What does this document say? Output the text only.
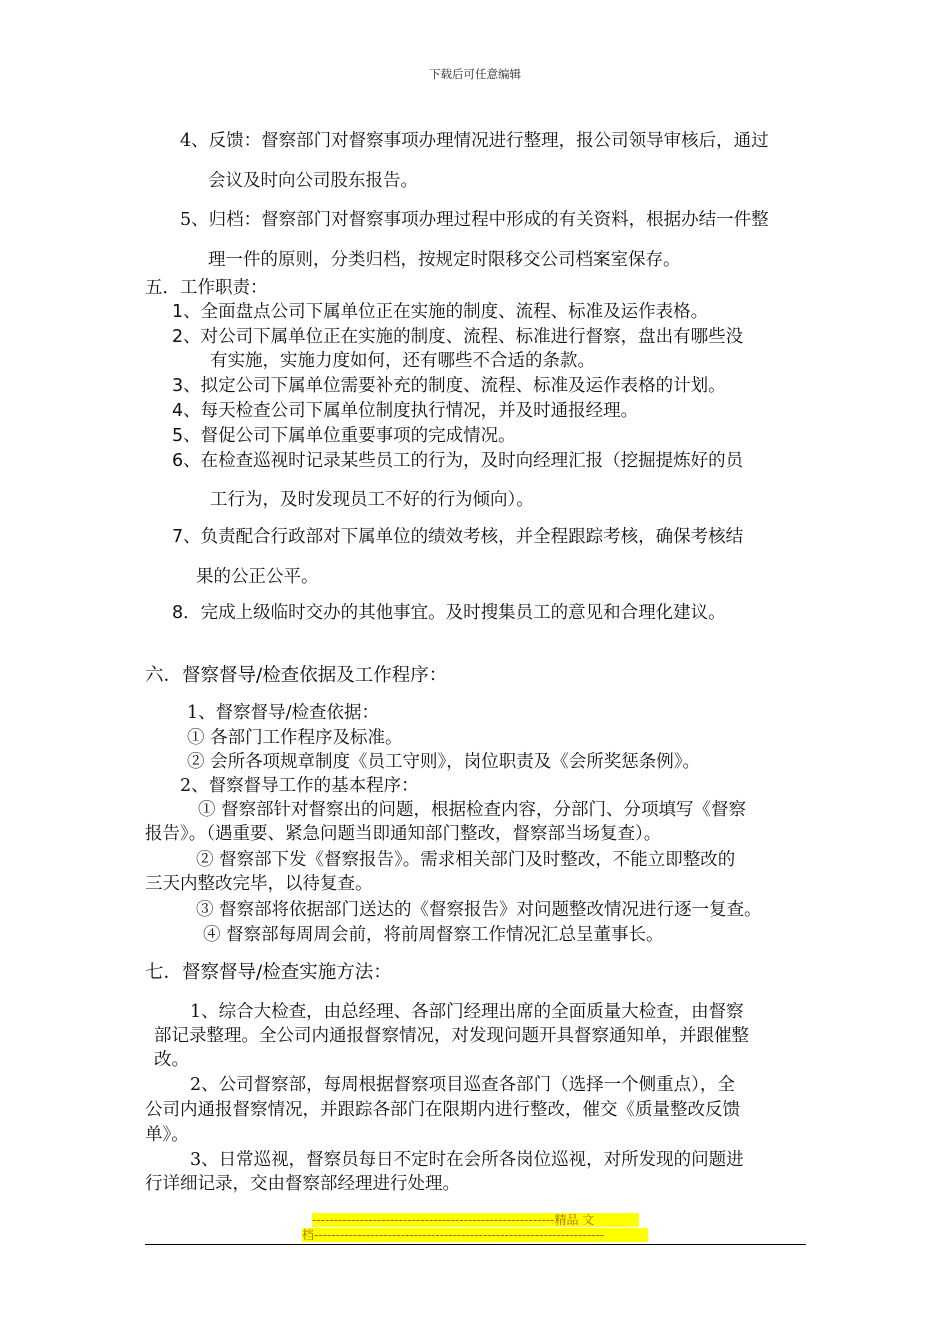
下载后可任意编辑
4、反馈：督察部门对督察事项办理情况进行整理，报公司领导审核后，通过
会议及时向公司股东报告。
5、归档：督察部门对督察事项办理过程中形成的有关资料，根据办结一件整
理一件的原则，分类归档，按规定时限移交公司档案室保存。
五．工作职责：
1、全面盘点公司下属单位正在实施的制度、流程、标准及运作表格。
2、对公司下属单位正在实施的制度、流程、标准进行督察，盘出有哪些没
有实施，实施力度如何，还有哪些不合适的条款。
3、拟定公司下属单位需要补充的制度、流程、标准及运作表格的计划。
4、每天检查公司下属单位制度执行情况，并及时通报经理。
5、督促公司下属单位重要事项的完成情况。
6、在检查巡视时记录某些员工的行为，及时向经理汇报（挖掘提炼好的员
工行为，及时发现员工不好的行为倾向）。
7、负责配合行政部对下属单位的绩效考核，并全程跟踪考核，确保考核结
果的公正公平。
8．完成上级临时交办的其他事宜。及时搜集员工的意见和合理化建议。
六．督察督导/检查依据及工作程序：
1、督察督导/检查依据：
① 各部门工作程序及标准。
② 会所各项规章制度《员工守则》，岗位职责及《会所奖惩条例》。
2、督察督导工作的基本程序：
① 督察部针对督察出的问题，根据检查内容，分部门、分项填写《督察
报告》。（遇重要、紧急问题当即通知部门整改，督察部当场复查）。
② 督察部下发《督察报告》。需求相关部门及时整改，不能立即整改的
三天内整改完毕，以待复查。
③ 督察部将依据部门送达的《督察报告》对问题整改情况进行逐一复查。
④ 督察部每周周会前，将前周督察工作情况汇总呈董事长。
七．督察督导/检查实施方法：
1、综合大检查，由总经理、各部门经理出席的全面质量大检查，由督察
部记录整理。全公司内通报督察情况，对发现问题开具督察通知单，并跟催整
改。
2、公司督察部，每周根据督察项目巡查各部门（选择一个侧重点），全
公司内通报督察情况，并跟踪各部门在限期内进行整改，催交《质量整改反馈
单》。
3、日常巡视，督察员每日不定时在会所各岗位巡视，对所发现的问题进
行详细记录，交由督察部经理进行处理。
--------------------------------------------------------精品 文
档-------------------------------------------------------------------
